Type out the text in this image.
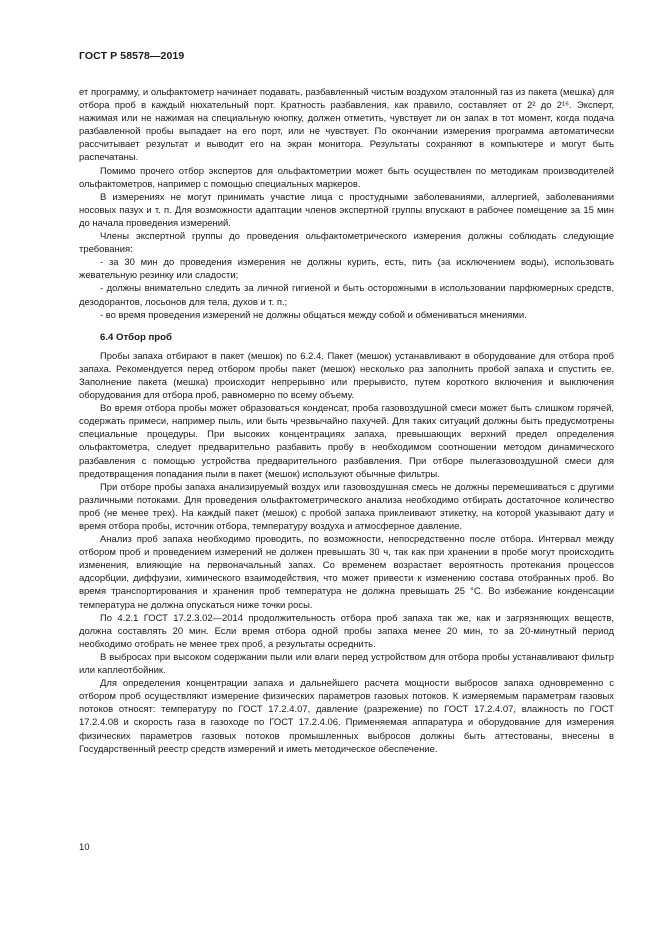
ГОСТ Р 58578—2019

ет программу, и ольфактометр начинает подавать, разбавленный чистым воздухом эталонный газ из пакета (мешка) для отбора проб в каждый нюхательный порт. Кратность разбавления, как правило, составляет от 2² до 2¹⁶. Эксперт, нажимая или не нажимая на специальную кнопку, должен отметить, чувствует ли он запах в тот момент, когда подача разбавленной пробы выпадает на его порт, или не чувствует. По окончании измерения программа автоматически рассчитывает результат и выводит его на экран монитора. Результаты сохраняют в компьютере и могут быть распечатаны.

Помимо прочего отбор экспертов для ольфактометрии может быть осуществлен по методикам производителей ольфактометров, например с помощью специальных маркеров.

В измерениях не могут принимать участие лица с простудными заболеваниями, аллергией, заболеваниями носовых пазух и т. п. Для возможности адаптации членов экспертной группы впускают в рабочее помещение за 15 мин до начала проведения измерений.

Члены экспертной группы до проведения ольфактометрического измерения должны соблюдать следующие требования:

- за 30 мин до проведения измерения не должны курить, есть, пить (за исключением воды), использовать жевательную резинку или сладости;

- должны внимательно следить за личной гигиеной и быть осторожными в использовании парфюмерных средств, дезодорантов, лосьонов для тела, духов и т. п.;

- во время проведения измерений не должны общаться между собой и обмениваться мнениями.

6.4 Отбор проб

Пробы запаха отбирают в пакет (мешок) по 6.2.4. Пакет (мешок) устанавливают в оборудование для отбора проб запаха. Рекомендуется перед отбором пробы пакет (мешок) несколько раз заполнить пробой запаха и спустить ее. Заполнение пакета (мешка) происходит непрерывно или прерывисто, путем короткого включения и выключения оборудования для отбора проб, равномерно по всему объему.

Во время отбора пробы может образоваться конденсат, проба газовоздушной смеси может быть слишком горячей, содержать примеси, например пыль, или быть чрезвычайно пахучей. Для таких ситуаций должны быть предусмотрены специальные процедуры. При высоких концентрациях запаха, превышающих верхний предел определения ольфактометра, следует предварительно разбавить пробу в необходимом соотношении методом динамического разбавления с помощью устройства предварительного разбавления. При отборе пылегазовоздушной смеси для предотвращения попадания пыли в пакет (мешок) используют обычные фильтры.

При отборе пробы запаха анализируемый воздух или газовоздушная смесь не должны перемешиваться с другими различными потоками. Для проведения ольфактометрического анализа необходимо отбирать достаточное количество проб (не менее трех). На каждый пакет (мешок) с пробой запаха приклеивают этикетку, на которой указывают дату и время отбора пробы, источник отбора, температуру воздуха и атмосферное давление.

Анализ проб запаха необходимо проводить, по возможности, непосредственно после отбора. Интервал между отбором проб и проведением измерений не должен превышать 30 ч, так как при хранении в пробе могут происходить изменения, влияющие на первоначальный запах. Со временем возрастает вероятность протекания процессов адсорбции, диффузии, химического взаимодействия, что может привести к изменению состава отобранных проб. Во время транспортирования и хранения проб температура не должна превышать 25 °С. Во избежание конденсации температура не должна опускаться ниже точки росы.

По 4.2.1 ГОСТ 17.2.3.02—2014 продолжительность отбора проб запаха так же, как и загрязняющих веществ, должна составлять 20 мин. Если время отбора одной пробы запаха менее 20 мин, то за 20-минутный период необходимо отобрать не менее трех проб, а результаты осреднить.

В выбросах при высоком содержании пыли или влаги перед устройством для отбора пробы устанавливают фильтр или каплеотбойник.

Для определения концентрации запаха и дальнейшего расчета мощности выбросов запаха одновременно с отбором проб осуществляют измерение физических параметров газовых потоков. К измеряемым параметрам газовых потоков относят: температуру по ГОСТ 17.2.4.07, давление (разрежение) по ГОСТ 17.2.4.07, влажность по ГОСТ 17.2.4.08 и скорость газа в газоходе по ГОСТ 17.2.4.06. Применяемая аппаратура и оборудование для измерения физических параметров газовых потоков промышленных выбросов должны быть аттестованы, внесены в Государственный реестр средств измерений и иметь методическое обеспечение.

10
